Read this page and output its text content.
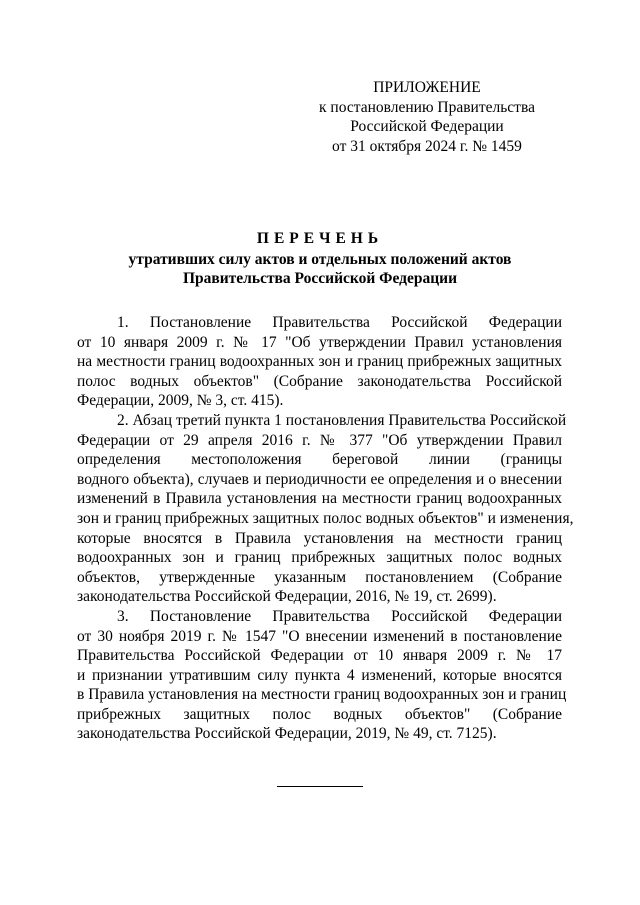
ПРИЛОЖЕНИЕ
к постановлению Правительства
Российской Федерации
от 31 октября 2024 г. № 1459
ПЕРЕЧЕНЬ
утративших силу актов и отдельных положений актов
Правительства Российской Федерации
1. Постановление Правительства Российской Федерации
от 10 января 2009 г. № 17 "Об утверждении Правил установления
на местности границ водоохранных зон и границ прибрежных защитных
полос водных объектов" (Собрание законодательства Российской
Федерации, 2009, № 3, ст. 415).
2. Абзац третий пункта 1 постановления Правительства Российской
Федерации от 29 апреля 2016 г. № 377 "Об утверждении Правил
определения местоположения береговой линии (границы
водного объекта), случаев и периодичности ее определения и о внесении
изменений в Правила установления на местности границ водоохранных
зон и границ прибрежных защитных полос водных объектов" и изменения,
которые вносятся в Правила установления на местности границ
водоохранных зон и границ прибрежных защитных полос водных
объектов, утвержденные указанным постановлением (Собрание
законодательства Российской Федерации, 2016, № 19, ст. 2699).
3. Постановление Правительства Российской Федерации
от 30 ноября 2019 г. № 1547 "О внесении изменений в постановление
Правительства Российской Федерации от 10 января 2009 г. № 17
и признании утратившим силу пункта 4 изменений, которые вносятся
в Правила установления на местности границ водоохранных зон и границ
прибрежных защитных полос водных объектов" (Собрание
законодательства Российской Федерации, 2019, № 49, ст. 7125).
